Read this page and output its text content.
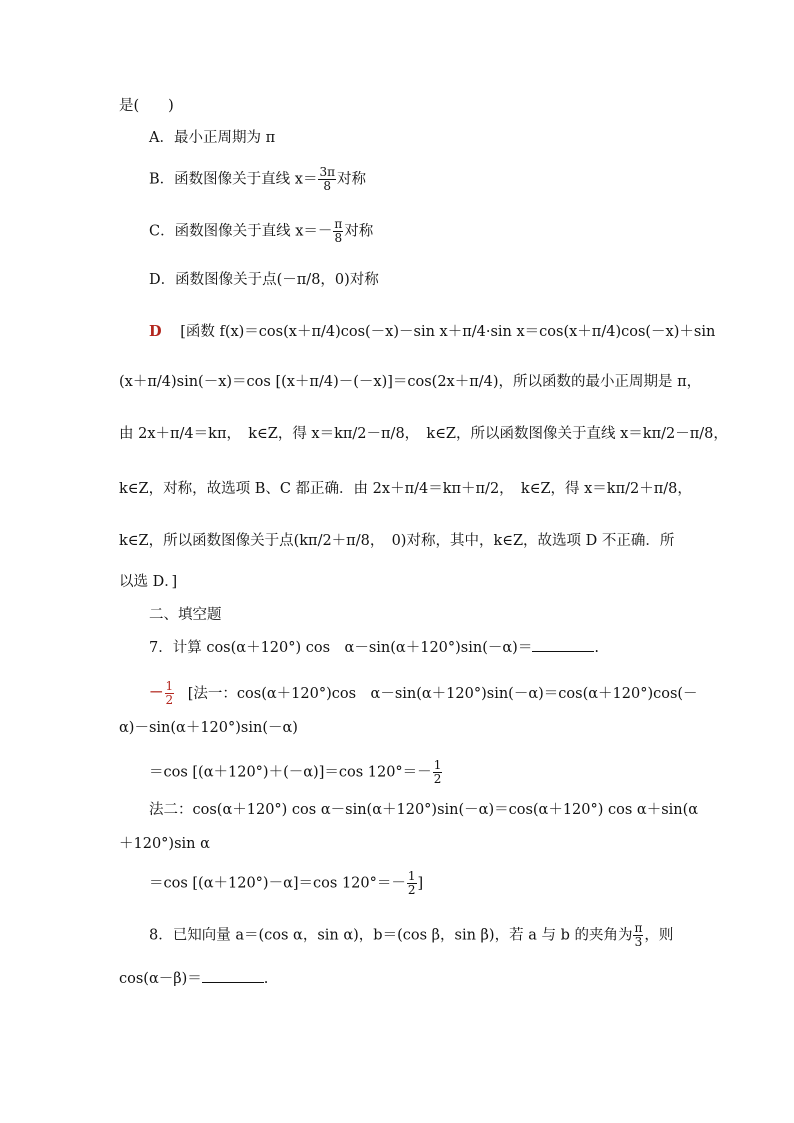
是(　　)
A．最小正周期为 π
B．函数图像关于直线 $x= \frac{3\pi}{8}$ 对称
C．函数图像关于直线 $x=- \frac{\pi}{8}$ 对称
D．函数图像关于点(－π/8，0)对称
D [函数 f(x)＝cos(x＋π/4)cos(－x)－sin x＋π/4·sin x＝cos(x＋π/4)cos(－x)＋sin
(x＋π/4)sin(－x)＝cos [(x＋π/4)－(－x)]＝cos(2x＋π/4)，所以函数的最小正周期是 π，
由 2x＋π/4＝kπ，　k∈Z，得 x＝kπ/2－π/8，　k∈Z，所以函数图像关于直线 x＝kπ/2－π/8，
k∈Z，对称，故选项 B、C 都正确．由 2x＋π/4＝kπ＋π/2，　k∈Z，得 x＝kπ/2＋π/8，
k∈Z，所以函数图像关于点(kπ/2＋π/8，　0)对称，其中，k∈Z，故选项 D 不正确．所
以选 D．]
二、填空题
7．计算 cos(α＋120°) cos　α－sin(α＋120°)sin(－α)＝	.
－ $\frac{1}{2}$ [法一：cos(α＋120°)cos　α－sin(α＋120°)sin(－α)＝cos(α＋120°)cos(－
α)－sin(α＋120°)sin(－α)
＝cos [(α＋120°)＋(－α)]＝cos $120^\circ=- \frac{1}{2}$
法二：cos(α＋120°) cos α－sin(α＋120°)sin(－α)＝cos(α＋120°) cos α＋sin(α
＋120°)sin α
＝cos [(α＋120°)－α]＝cos $120^\circ=- \frac{1}{2}$ ]
8．已知向量 a＝(cos α，sin α)，b＝(cos β，sin β)，若 a 与 b 的夹角为 $\frac{\pi}{3}$ ，则
cos(α－β)＝	.
